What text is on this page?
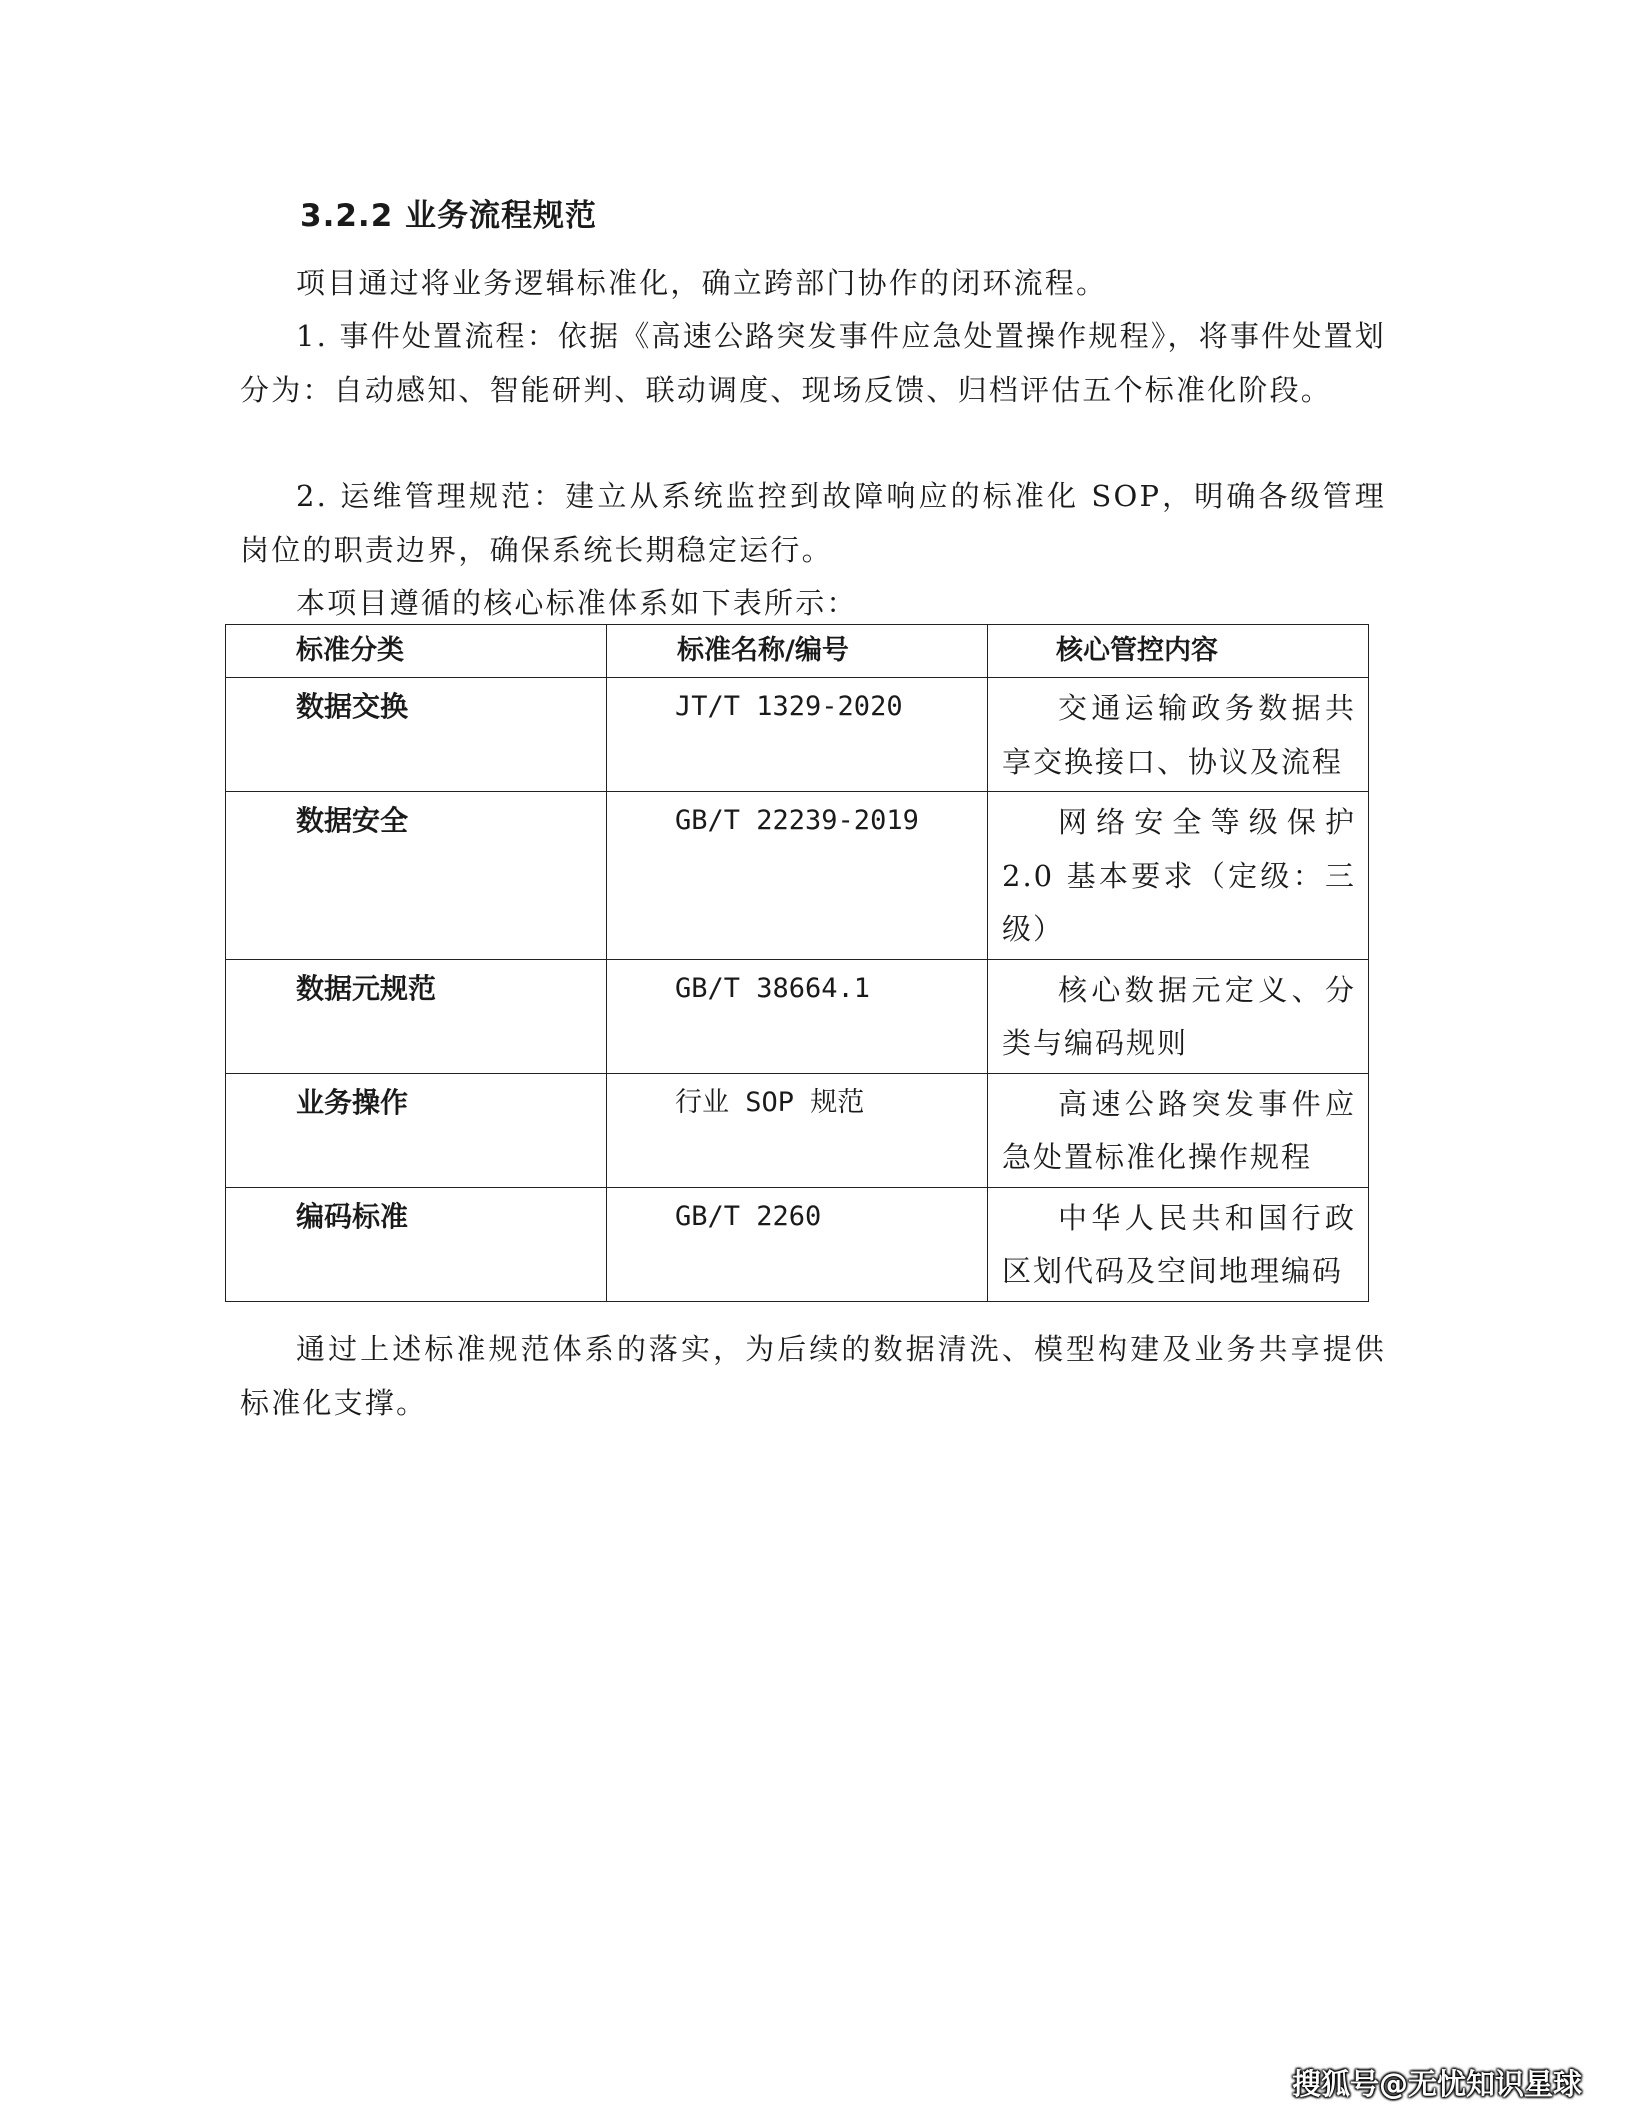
3.2.2 业务流程规范

项目通过将业务逻辑标准化，确立跨部门协作的闭环流程。

1. 事件处置流程：依据《高速公路突发事件应急处置操作规程》，将事件处置划分为：自动感知、智能研判、联动调度、现场反馈、归档评估五个标准化阶段。

2. 运维管理规范：建立从系统监控到故障响应的标准化 SOP，明确各级管理岗位的职责边界，确保系统长期稳定运行。

本项目遵循的核心标准体系如下表所示：

标准分类	标准名称/编号	核心管控内容
数据交换	JT/T 1329-2020	交通运输政务数据共享交换接口、协议及流程
数据安全	GB/T 22239-2019	网络安全等级保护 2.0 基本要求（定级：三级）
数据元规范	GB/T 38664.1	核心数据元定义、分类与编码规则
业务操作	行业 SOP 规范	高速公路突发事件应急处置标准化操作规程
编码标准	GB/T 2260	中华人民共和国行政区划代码及空间地理编码

通过上述标准规范体系的落实，为后续的数据清洗、模型构建及业务共享提供标准化支撑。

搜狐号@无忧知识星球
